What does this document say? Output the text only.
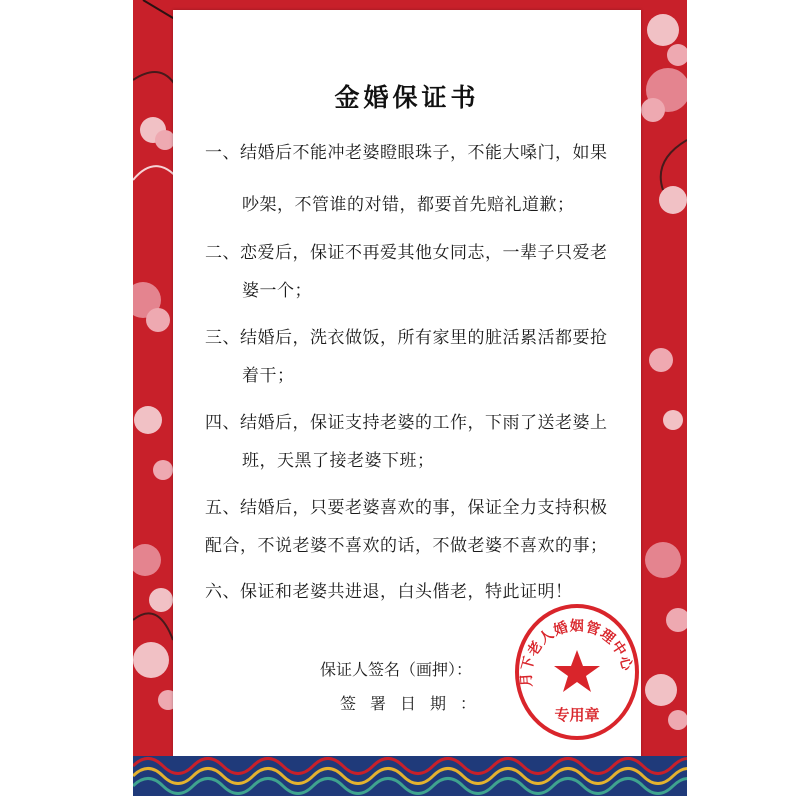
金婚保证书
一、结婚后不能冲老婆瞪眼珠子，不能大嗓门，如果
吵架，不管谁的对错，都要首先赔礼道歉；
二、恋爱后，保证不再爱其他女同志，一辈子只爱老
婆一个；
三、结婚后，洗衣做饭，所有家里的脏活累活都要抢
着干；
四、结婚后，保证支持老婆的工作，下雨了送老婆上
班，天黑了接老婆下班；
五、结婚后，只要老婆喜欢的事，保证全力支持积极
配合，不说老婆不喜欢的话，不做老婆不喜欢的事；
六、保证和老婆共进退，白头偕老，特此证明！
保证人签名（画押）：
签署日期：
月下老人婚姻管理中心
专用章
